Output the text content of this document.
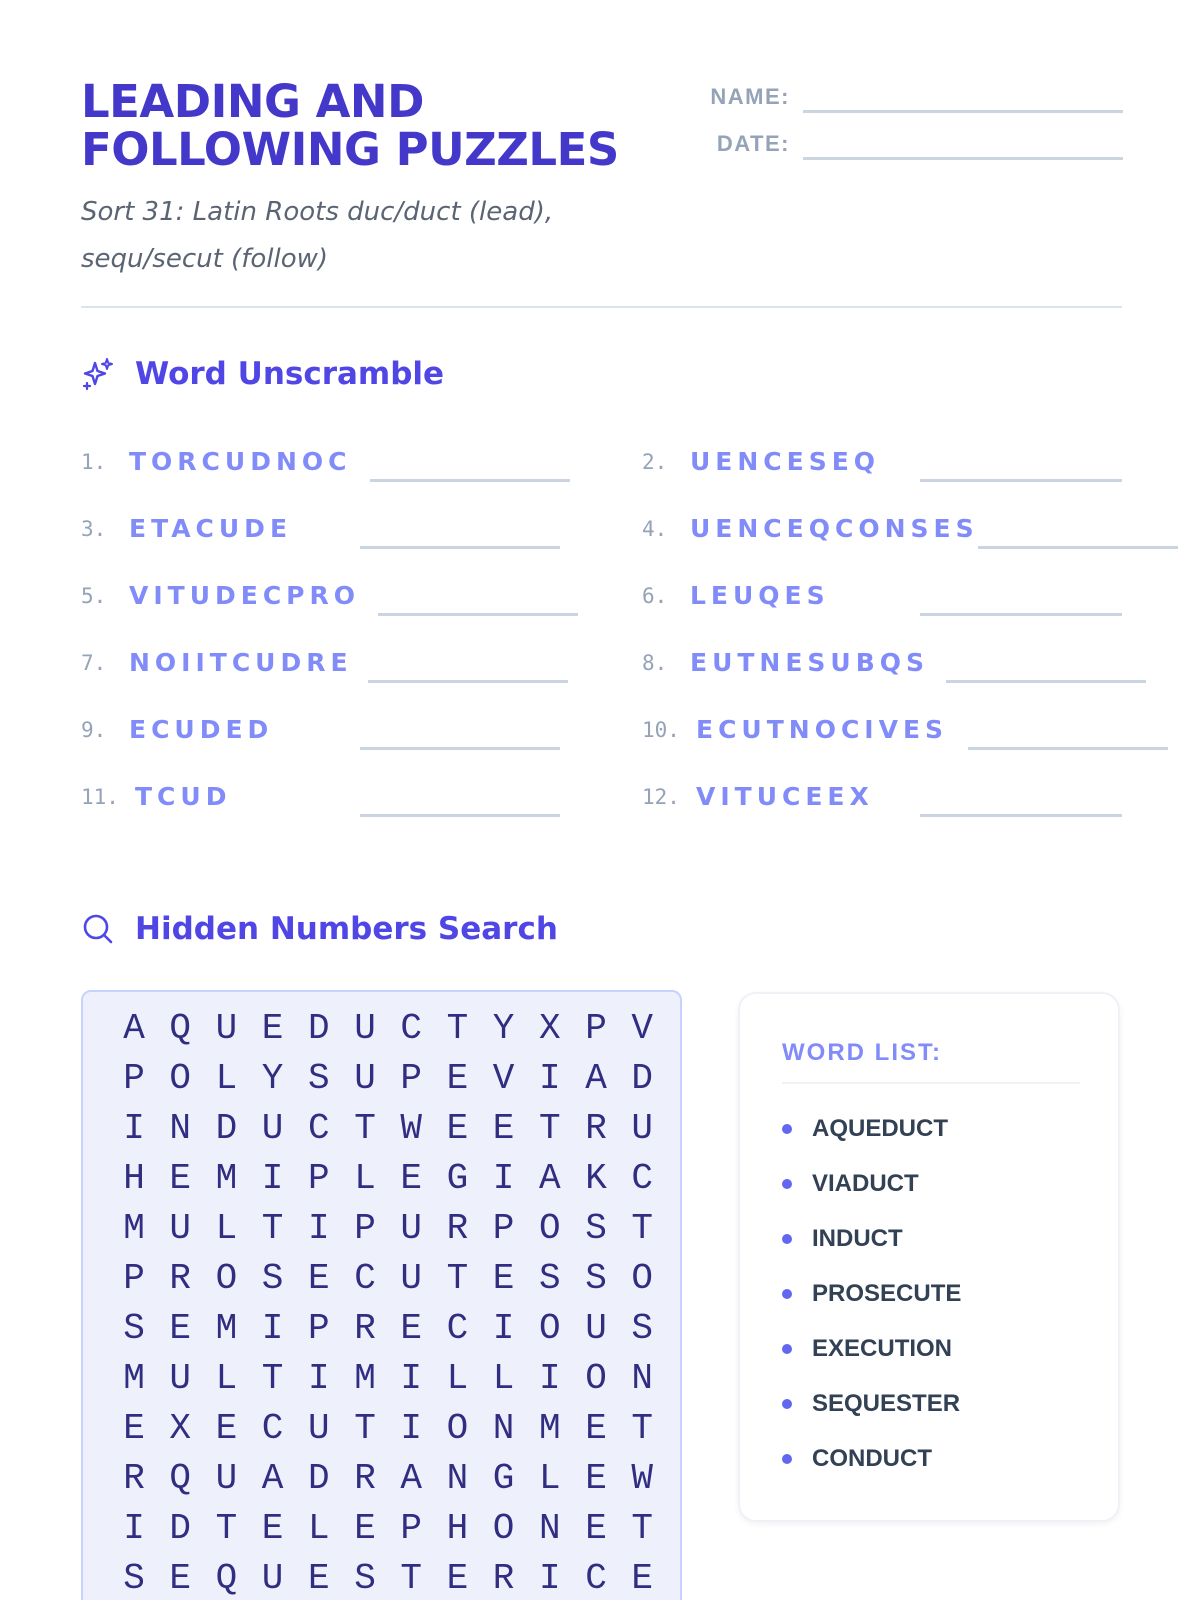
LEADING AND
FOLLOWING PUZZLES
Sort 31: Latin Roots duc/duct (lead),
sequ/secut (follow)
NAME:
DATE:
Word Unscramble
1. TORCUDNOC	2. UENCESEQ
3. ETACUDE	4. UENCEQCONSES
5. VITUDECPRO	6. LEUQES
7. NOIITCUDRE	8. EUTNESUBQS
9. ECUDED	10. ECUTNOCIVES
11. TCUD	12. VITUCEEX
Hidden Numbers Search
A Q U E D U C T Y X P V
P O L Y S U P E V I A D
I N D U C T W E E T R U
H E M I P L E G I A K C
M U L T I P U R P O S T
P R O S E C U T E S S O
S E M I P R E C I O U S
M U L T I M I L L I O N
E X E C U T I O N M E T
R Q U A D R A N G L E W
I D T E L E P H O N E T
S E Q U E S T E R I C E
WORD LIST:
AQUEDUCT
VIADUCT
INDUCT
PROSECUTE
EXECUTION
SEQUESTER
CONDUCT
